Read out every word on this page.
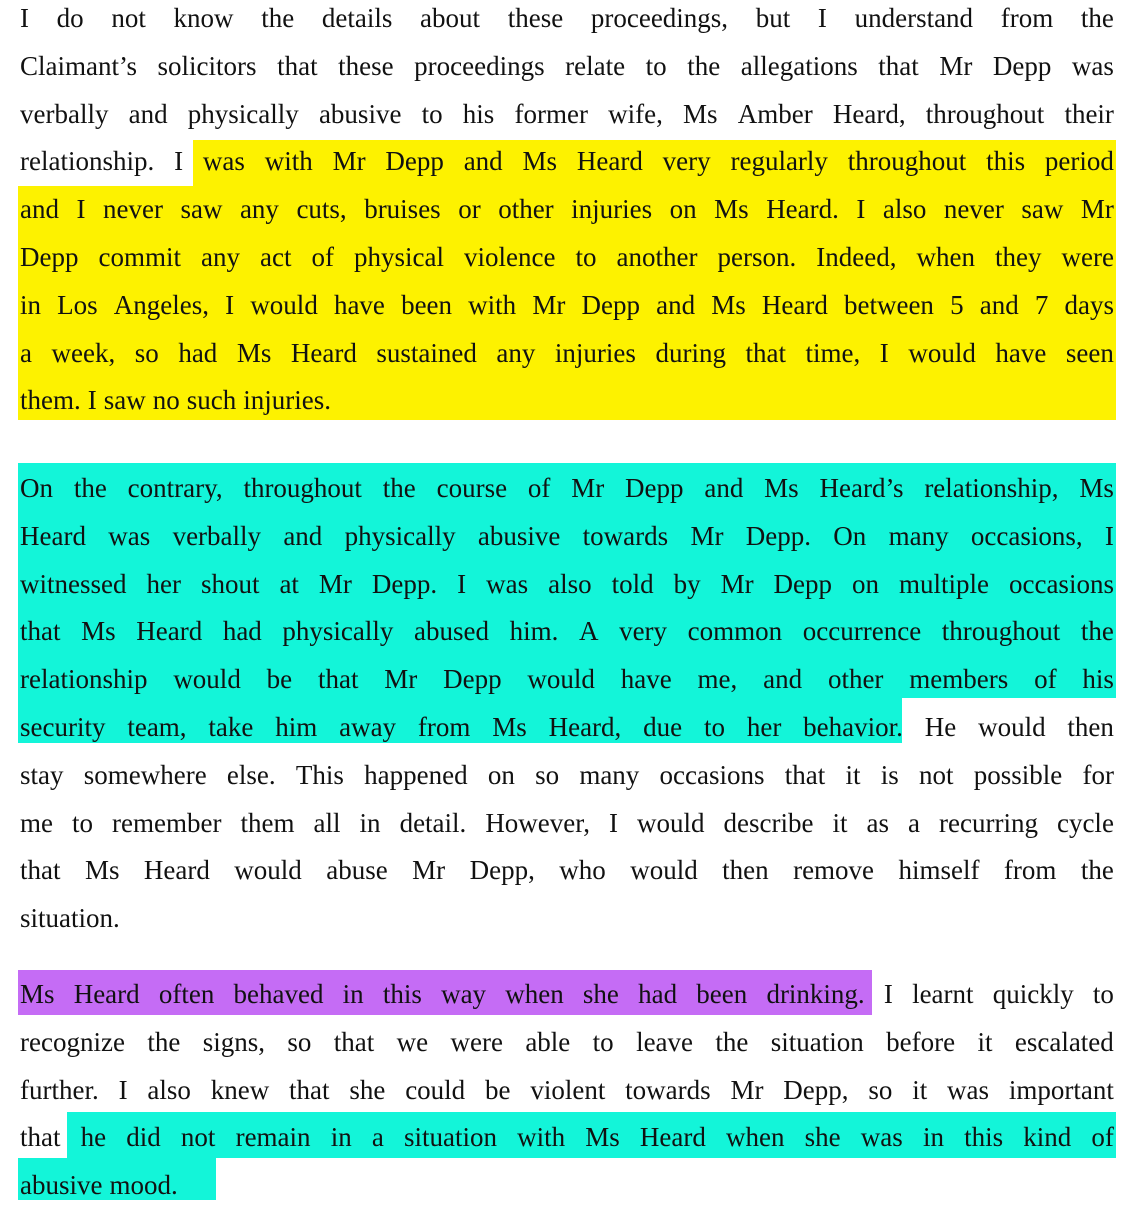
I do not know the details about these proceedings, but I understand from the
Claimant’s solicitors that these proceedings relate to the allegations that Mr Depp was
verbally and physically abusive to his former wife, Ms Amber Heard, throughout their
relationship. I was with Mr Depp and Ms Heard very regularly throughout this period
and I never saw any cuts, bruises or other injuries on Ms Heard. I also never saw Mr
Depp commit any act of physical violence to another person. Indeed, when they were
in Los Angeles, I would have been with Mr Depp and Ms Heard between 5 and 7 days
a week, so had Ms Heard sustained any injuries during that time, I would have seen
them. I saw no such injuries.
On the contrary, throughout the course of Mr Depp and Ms Heard’s relationship, Ms
Heard was verbally and physically abusive towards Mr Depp. On many occasions, I
witnessed her shout at Mr Depp. I was also told by Mr Depp on multiple occasions
that Ms Heard had physically abused him. A very common occurrence throughout the
relationship would be that Mr Depp would have me, and other members of his
security team, take him away from Ms Heard, due to her behavior. He would then
stay somewhere else. This happened on so many occasions that it is not possible for
me to remember them all in detail. However, I would describe it as a recurring cycle
that Ms Heard would abuse Mr Depp, who would then remove himself from the
situation.
Ms Heard often behaved in this way when she had been drinking. I learnt quickly to
recognize the signs, so that we were able to leave the situation before it escalated
further. I also knew that she could be violent towards Mr Depp, so it was important
that he did not remain in a situation with Ms Heard when she was in this kind of
abusive mood.
